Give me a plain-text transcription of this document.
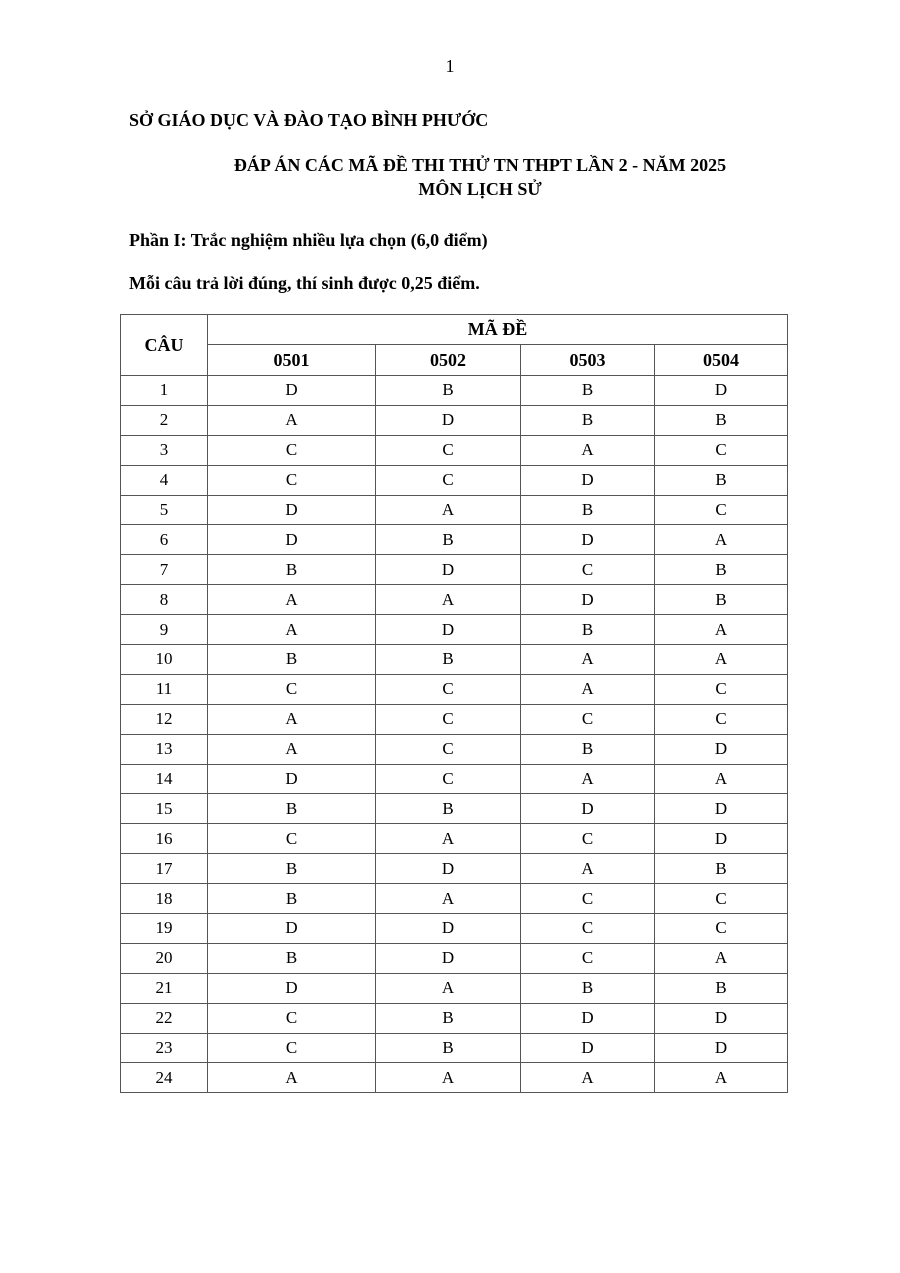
1
SỞ GIÁO DỤC VÀ ĐÀO TẠO BÌNH PHƯỚC
ĐÁP ÁN CÁC MÃ ĐỀ THI THỬ TN THPT LẦN 2 - NĂM 2025
MÔN LỊCH SỬ
Phần I: Trắc nghiệm nhiều lựa chọn (6,0 điểm)
Mỗi câu trả lời đúng, thí sinh được 0,25 điểm.
CÂU	MÃ ĐỀ			
	0501	0502	0503	0504
1	D	B	B	D
2	A	D	B	B
3	C	C	A	C
4	C	C	D	B
5	D	A	B	C
6	D	B	D	A
7	B	D	C	B
8	A	A	D	B
9	A	D	B	A
10	B	B	A	A
11	C	C	A	C
12	A	C	C	C
13	A	C	B	D
14	D	C	A	A
15	B	B	D	D
16	C	A	C	D
17	B	D	A	B
18	B	A	C	C
19	D	D	C	C
20	B	D	C	A
21	D	A	B	B
22	C	B	D	D
23	C	B	D	D
24	A	A	A	A
